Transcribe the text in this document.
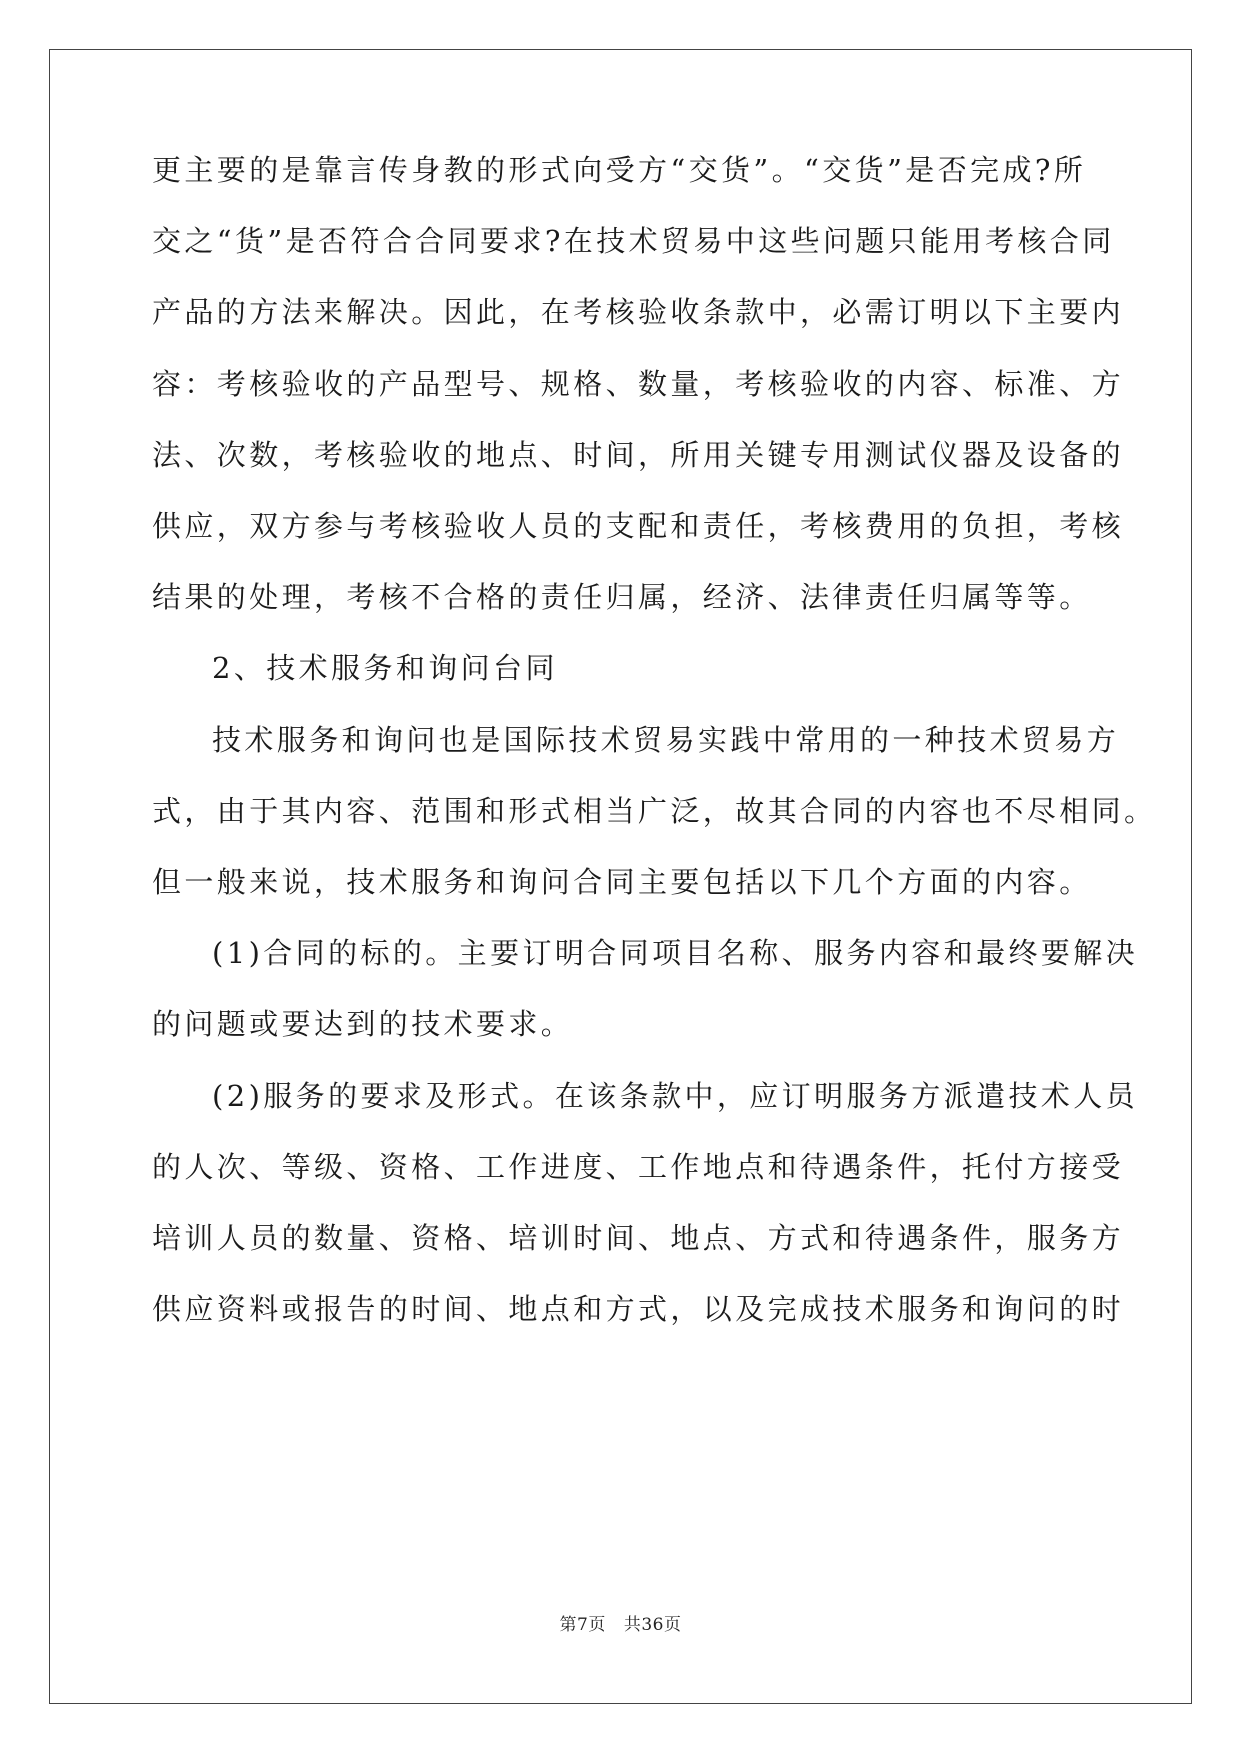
更主要的是靠言传身教的形式向受方“交货”。“交货”是否完成?所
交之“货”是否符合合同要求?在技术贸易中这些问题只能用考核合同
产品的方法来解决。因此，在考核验收条款中，必需订明以下主要内
容：考核验收的产品型号、规格、数量，考核验收的内容、标准、方
法、次数，考核验收的地点、时间，所用关键专用测试仪器及设备的
供应，双方参与考核验收人员的支配和责任，考核费用的负担，考核
结果的处理，考核不合格的责任归属，经济、法律责任归属等等。
2、技术服务和询问台同
技术服务和询问也是国际技术贸易实践中常用的一种技术贸易方
式，由于其内容、范围和形式相当广泛，故其合同的内容也不尽相同。
但一般来说，技术服务和询问合同主要包括以下几个方面的内容。
(1)合同的标的。主要订明合同项目名称、服务内容和最终要解决
的问题或要达到的技术要求。
(2)服务的要求及形式。在该条款中，应订明服务方派遣技术人员
的人次、等级、资格、工作进度、工作地点和待遇条件，托付方接受
培训人员的数量、资格、培训时间、地点、方式和待遇条件，服务方
供应资料或报告的时间、地点和方式，以及完成技术服务和询问的时
第7页 共36页
